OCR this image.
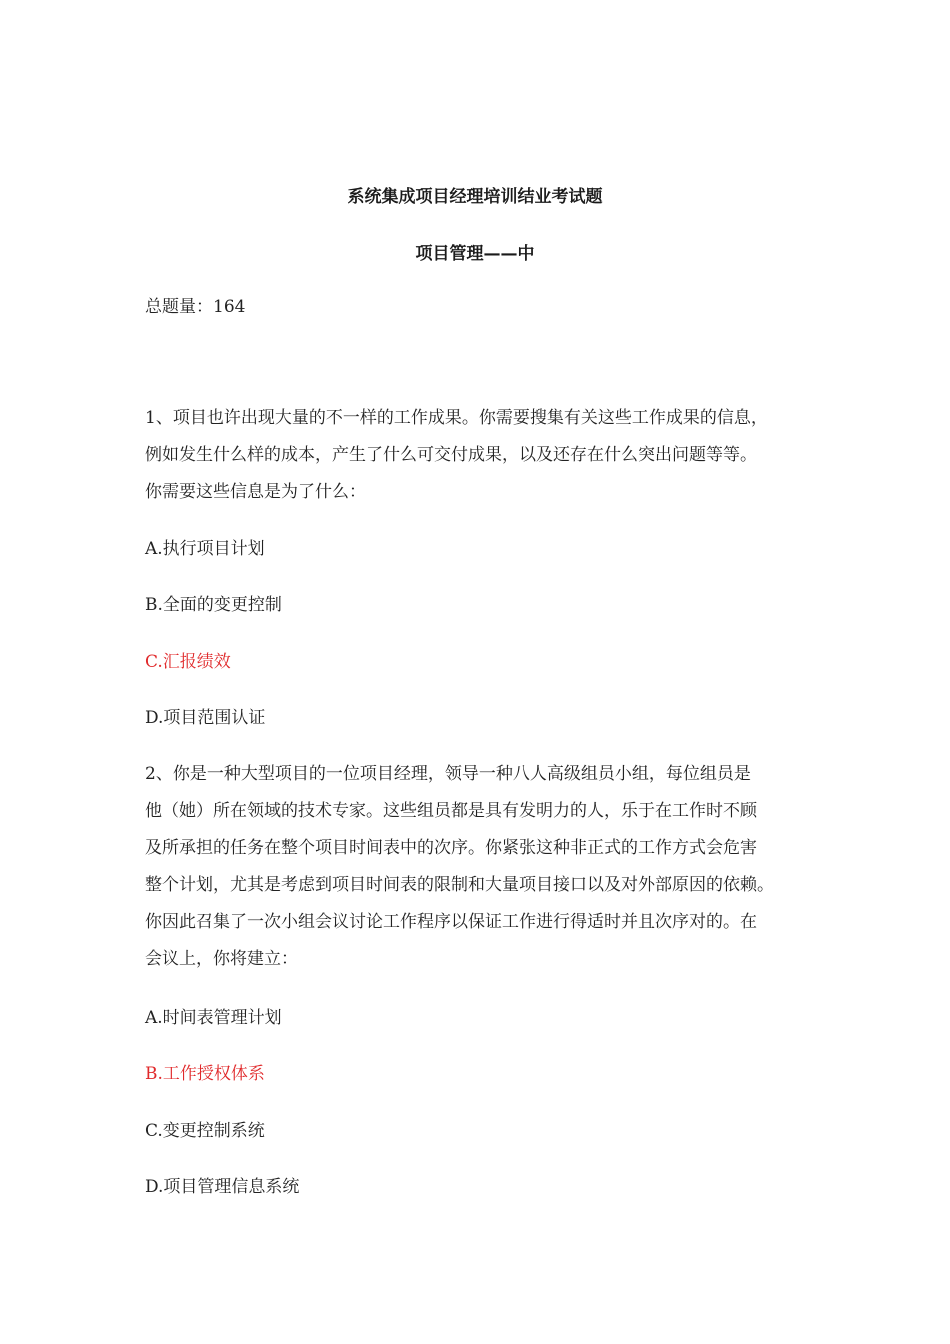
系统集成项目经理培训结业考试题
项目管理——中

总题量：164

1、项目也许出现大量的不一样的工作成果。你需要搜集有关这些工作成果的信息，
例如发生什么样的成本，产生了什么可交付成果，以及还存在什么突出问题等等。
你需要这些信息是为了什么：

A.执行项目计划

B.全面的变更控制

C.汇报绩效

D.项目范围认证

2、你是一种大型项目的一位项目经理，领导一种八人高级组员小组，每位组员是
他（她）所在领域的技术专家。这些组员都是具有发明力的人，乐于在工作时不顾
及所承担的任务在整个项目时间表中的次序。你紧张这种非正式的工作方式会危害
整个计划，尤其是考虑到项目时间表的限制和大量项目接口以及对外部原因的依赖。
你因此召集了一次小组会议讨论工作程序以保证工作进行得适时并且次序对的。在
会议上，你将建立：

A.时间表管理计划

B.工作授权体系

C.变更控制系统

D.项目管理信息系统
